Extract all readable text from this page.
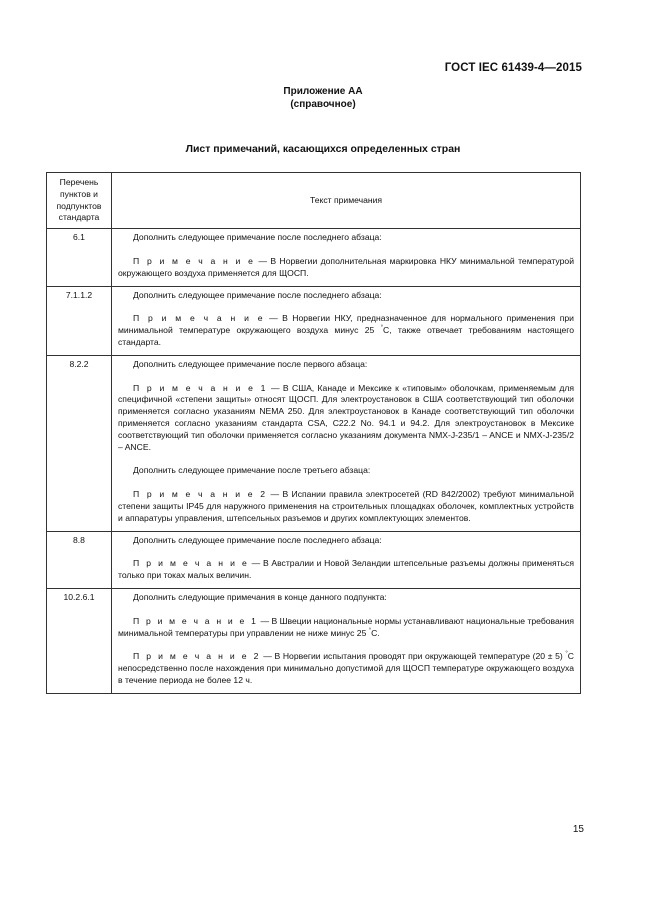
ГОСТ IEC 61439-4—2015
Приложение АА
(справочное)
Лист примечаний, касающихся определенных стран
Перечень пунктов и подпунктов стандарта	Текст примечания
6.1	Дополнить следующее примечание после последнего абзаца:

П р и м е ч а н и е — В Норвегии дополнительная маркировка НКУ минимальной температурой окружающего воздуха применяется для ЩОСП.

7.1.1.2	Дополнить следующее примечание после последнего абзаца:

П р и м е ч а н и е — В Норвегии НКУ, предназначенное для нормального применения при минимальной температуре окружающего воздуха минус 25 °С, также отвечает требованиям настоящего стандарта.

8.2.2	Дополнить следующее примечание после первого абзаца:

П р и м е ч а н и е 1 — В США, Канаде и Мексике к «типовым» оболочкам, применяемым для специфичной «степени защиты» относят ЩОСП. Для электроустановок в США соответствующий тип оболочки применяется согласно указаниям NEMA 250. Для электроустановок в Канаде соответствующий тип оболочки применяется согласно указаниям стандарта CSA, C22.2 No. 94.1 и 94.2. Для электроустановок в Мексике соответствующий тип оболочки применяется согласно указаниям документа NMX-J-235/1 – ANCE и NMX-J-235/2 – ANCE.

Дополнить следующее примечание после третьего абзаца:

П р и м е ч а н и е 2 — В Испании правила электросетей (RD 842/2002) требуют минимальной степени защиты IP45 для наружного применения на строительных площадках оболочек, комплектных устройств и аппаратуры управления, штепсельных разъемов и других комплектующих элементов.

8.8	Дополнить следующее примечание после последнего абзаца:

П р и м е ч а н и е — В Австралии и Новой Зеландии штепсельные разъемы должны применяться только при токах малых величин.

10.2.6.1	Дополнить следующие примечания в конце данного подпункта:

П р и м е ч а н и е 1 — В Швеции национальные нормы устанавливают национальные требования минимальной температуры при управлении не ниже минус 25 °С.

П р и м е ч а н и е 2 — В Норвегии испытания проводят при окружающей температуре (20 ± 5) °С непосредственно после нахождения при минимально допустимой для ЩОСП температуре окружающего воздуха в течение периода не более 12 ч.

15
